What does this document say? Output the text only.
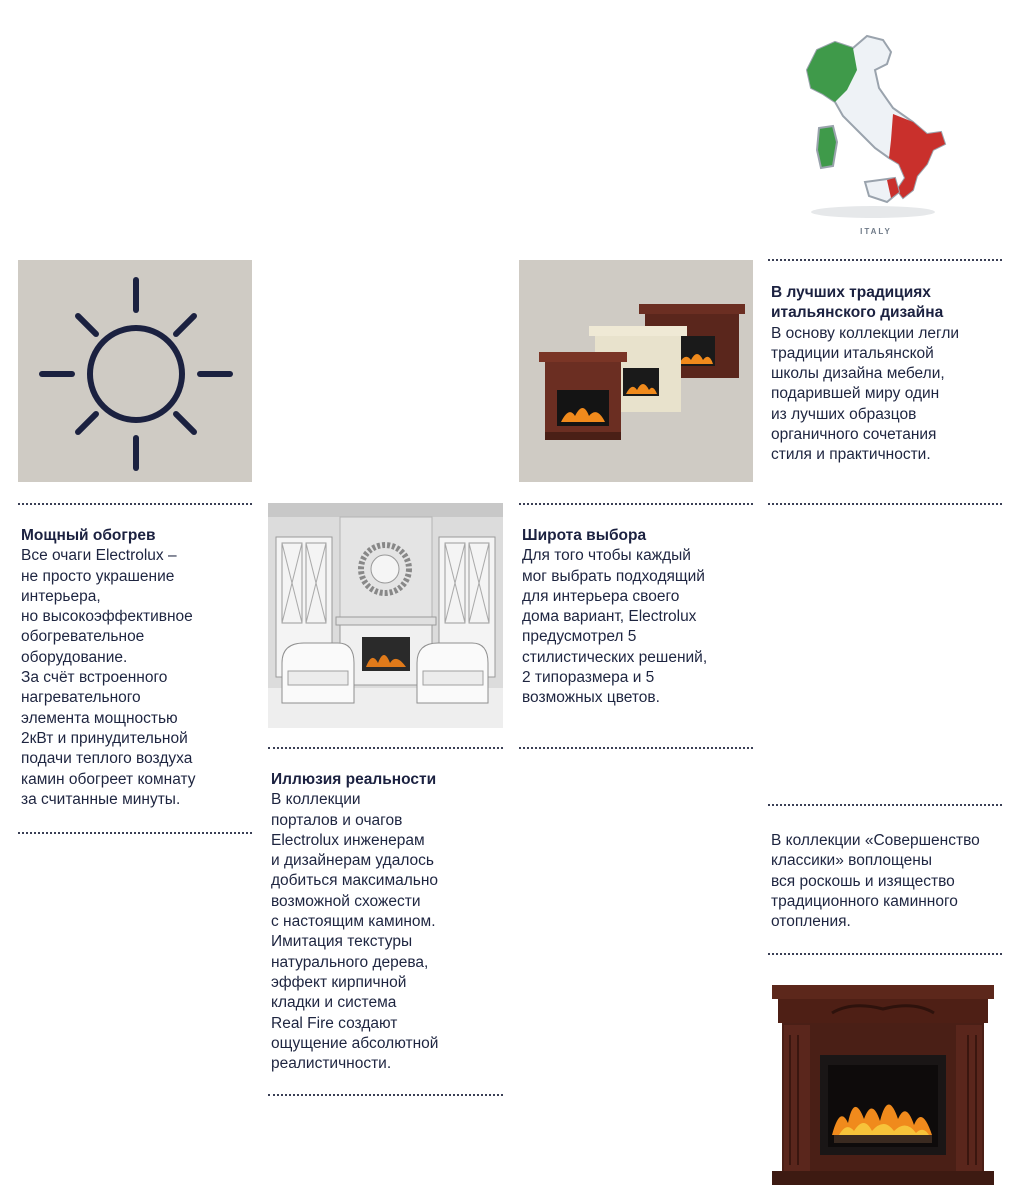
ITALY
Мощный обогрев

Все очаги Electrolux –
не просто украшение
интерьера,
но высокоэффективное
обогревательное
оборудование.
За счёт встроенного
нагревательного
элемента мощностью
2кВт и принудительной
подачи теплого воздуха
камин обогреет комнату
за считанные минуты.

Иллюзия реальности

В коллекции
порталов и очагов
Electrolux инженерам
и дизайнерам удалось
добиться максимально
возможной схожести
с настоящим камином.
Имитация текстуры
натурального дерева,
эффект кирпичной
кладки и система
Real Fire создают
ощущение абсолютной
реалистичности.

Широта выбора

Для того чтобы каждый
мог выбрать подходящий
для интерьера своего
дома вариант, Electrolux
предусмотрел 5
стилистических решений,
2 типоразмера и 5
возможных цветов.

В лучших традициях
итальянского дизайна

В основу коллекции легли
традиции итальянской
школы дизайна мебели,
подарившей миру один
из лучших образцов
органичного сочетания
стиля и практичности.

В коллекции «Совершенство
классики» воплощены
вся роскошь и изящество
традиционного каминного
отопления.
